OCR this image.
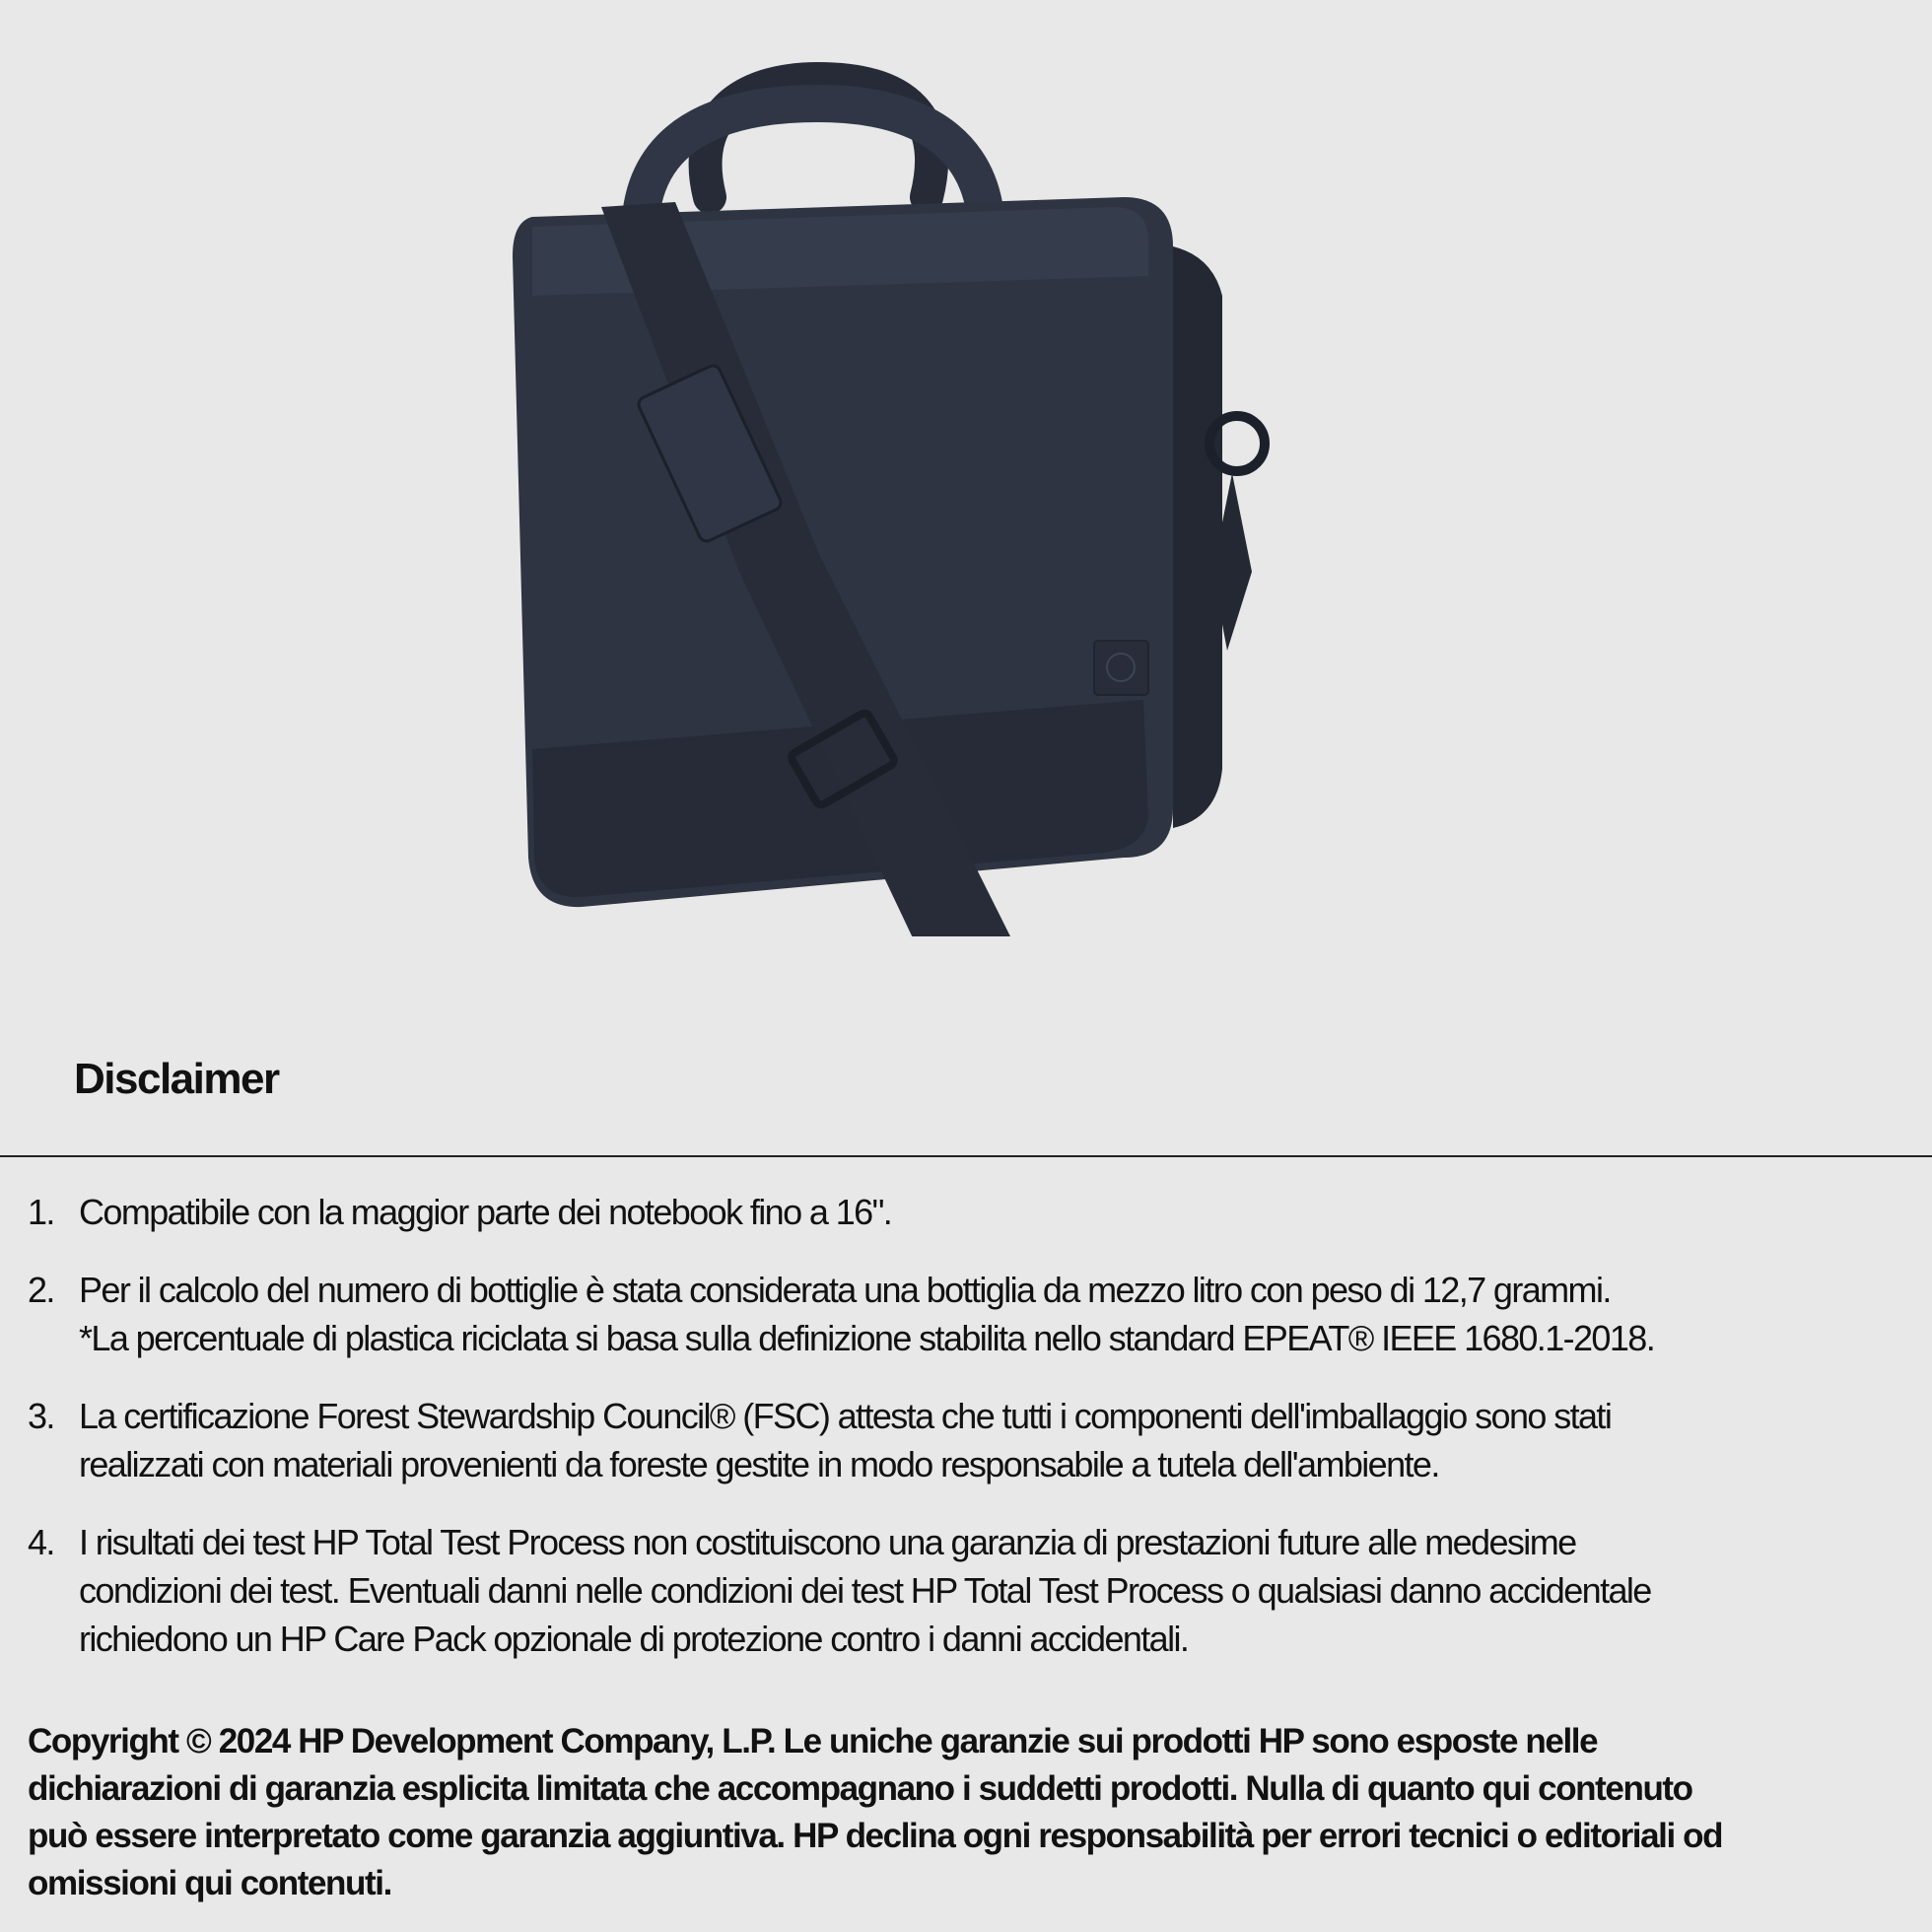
Disclaimer
1. Compatibile con la maggior parte dei notebook fino a 16".
2. Per il calcolo del numero di bottiglie è stata considerata una bottiglia da mezzo litro con peso di 12,7 grammi.
*La percentuale di plastica riciclata si basa sulla definizione stabilita nello standard EPEAT® IEEE 1680.1-2018.
3. La certificazione Forest Stewardship Council® (FSC) attesta che tutti i componenti dell'imballaggio sono stati
realizzati con materiali provenienti da foreste gestite in modo responsabile a tutela dell'ambiente.
4. I risultati dei test HP Total Test Process non costituiscono una garanzia di prestazioni future alle medesime
condizioni dei test. Eventuali danni nelle condizioni dei test HP Total Test Process o qualsiasi danno accidentale
richiedono un HP Care Pack opzionale di protezione contro i danni accidentali.
Copyright © 2024 HP Development Company, L.P. Le uniche garanzie sui prodotti HP sono esposte nelle
dichiarazioni di garanzia esplicita limitata che accompagnano i suddetti prodotti. Nulla di quanto qui contenuto
può essere interpretato come garanzia aggiuntiva. HP declina ogni responsabilità per errori tecnici o editoriali od
omissioni qui contenuti.
